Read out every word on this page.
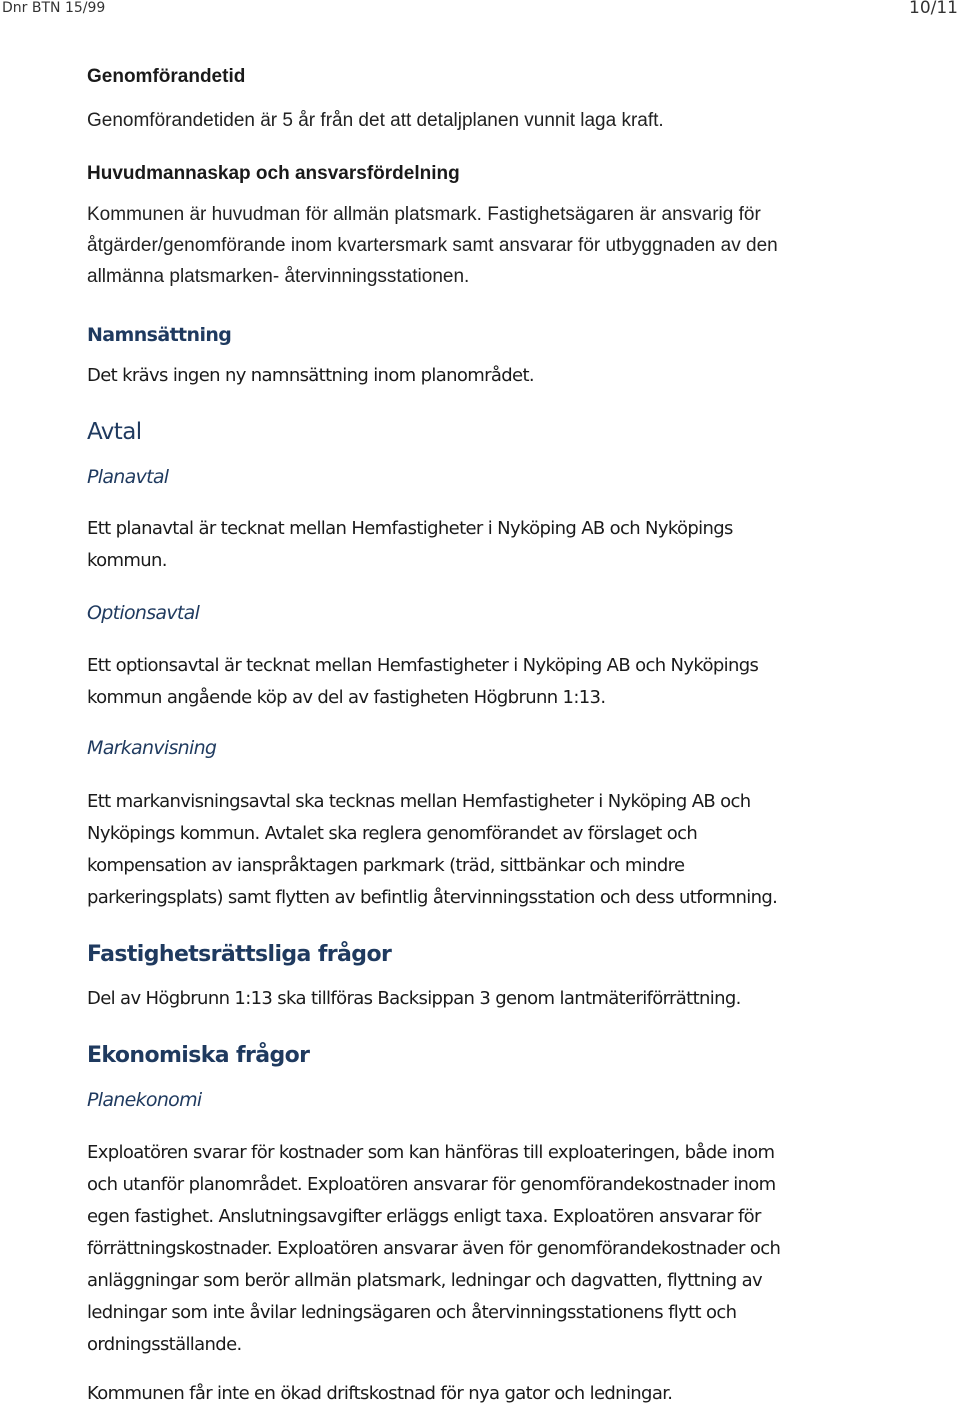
Dnr BTN 15/99	10/11
Genomförandetid
Genomförandetiden är 5 år från det att detaljplanen vunnit laga kraft.
Huvudmannaskap och ansvarsfördelning
Kommunen är huvudman för allmän platsmark. Fastighetsägaren är ansvarig för
åtgärder/genomförande inom kvartersmark samt ansvarar för utbyggnaden av den
allmänna platsmarken- återvinningsstationen.
Namnsättning
Det krävs ingen ny namnsättning inom planområdet.
Avtal
Planavtal
Ett planavtal är tecknat mellan Hemfastigheter i Nyköping AB och Nyköpings
kommun.
Optionsavtal
Ett optionsavtal är tecknat mellan Hemfastigheter i Nyköping AB och Nyköpings
kommun angående köp av del av fastigheten Högbrunn 1:13.
Markanvisning
Ett markanvisningsavtal ska tecknas mellan Hemfastigheter i Nyköping AB och
Nyköpings kommun. Avtalet ska reglera genomförandet av förslaget och
kompensation av ianspråktagen parkmark (träd, sittbänkar och mindre
parkeringsplats) samt flytten av befintlig återvinningsstation och dess utformning.
Fastighetsrättsliga frågor
Del av Högbrunn 1:13 ska tillföras Backsippan 3 genom lantmäteriförrättning.
Ekonomiska frågor
Planekonomi
Exploatören svarar för kostnader som kan hänföras till exploateringen, både inom
och utanför planområdet. Exploatören ansvarar för genomförandekostnader inom
egen fastighet. Anslutningsavgifter erläggs enligt taxa. Exploatören ansvarar för
förrättningskostnader. Exploatören ansvarar även för genomförandekostnader och
anläggningar som berör allmän platsmark, ledningar och dagvatten, flyttning av
ledningar som inte åvilar ledningsägaren och återvinningsstationens flytt och
ordningsställande.
Kommunen får inte en ökad driftskostnad för nya gator och ledningar.
